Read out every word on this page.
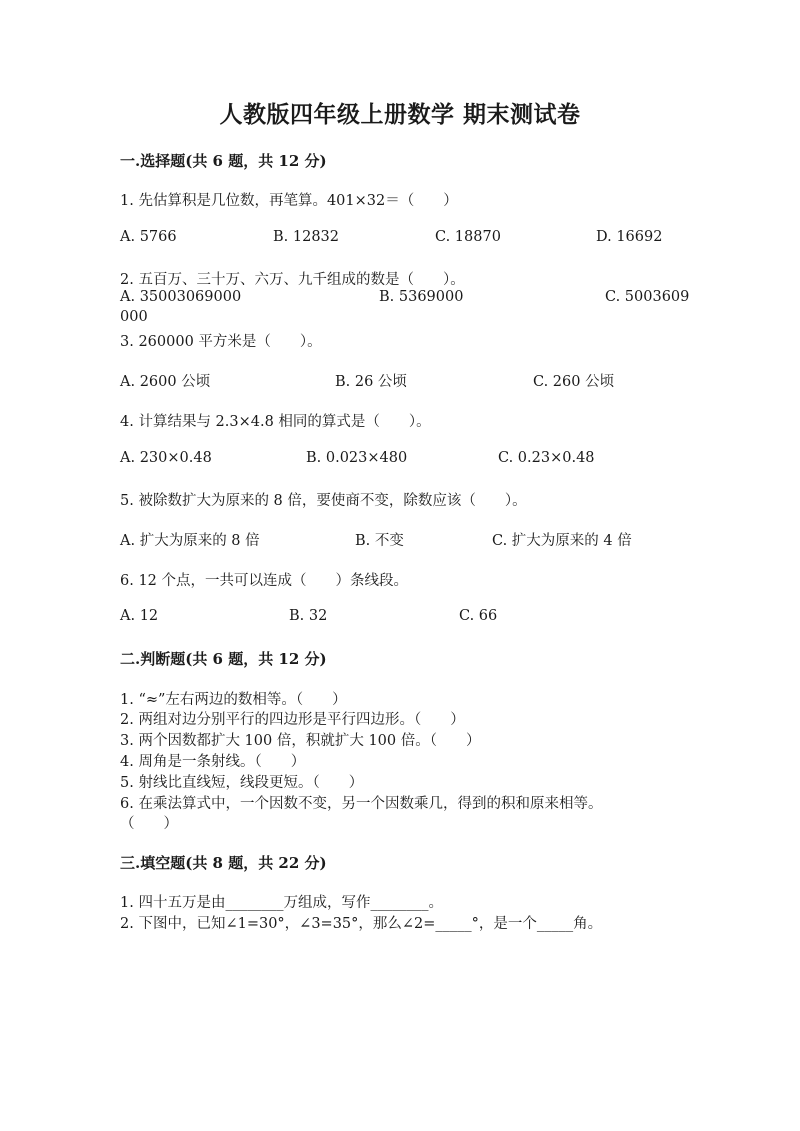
人教版四年级上册数学 期末测试卷
一.选择题(共 6 题，共 12 分)
1. 先估算积是几位数，再笔算。401×32＝（　　）
A. 5766	B. 12832	C. 18870	D. 16692
2. 五百万、三十万、六万、九千组成的数是（　　）。
A. 35003069000	B. 5369000	C. 5003609
000
3. 260000 平方米是（　　）。
A. 2600 公顷	B. 26 公顷	C. 260 公顷
4. 计算结果与 2.3×4.8 相同的算式是（　　）。
A. 230×0.48	B. 0.023×480	C. 0.23×0.48
5. 被除数扩大为原来的 8 倍，要使商不变，除数应该（　　）。
A. 扩大为原来的 8 倍	B. 不变	C. 扩大为原来的 4 倍
6. 12 个点，一共可以连成（　　）条线段。
A. 12	B. 32	C. 66
二.判断题(共 6 题，共 12 分)
1. “≈”左右两边的数相等。（　　）
2. 两组对边分别平行的四边形是平行四边形。（　　）
3. 两个因数都扩大 100 倍，积就扩大 100 倍。（　　）
4. 周角是一条射线。（　　）
5. 射线比直线短，线段更短。（　　）
6. 在乘法算式中，一个因数不变，另一个因数乘几，得到的积和原来相等。
（　　）
三.填空题(共 8 题，共 22 分)
1. 四十五万是由________万组成，写作________。
2. 下图中，已知∠1=30°，∠3=35°，那么∠2=_____°，是一个_____角。
